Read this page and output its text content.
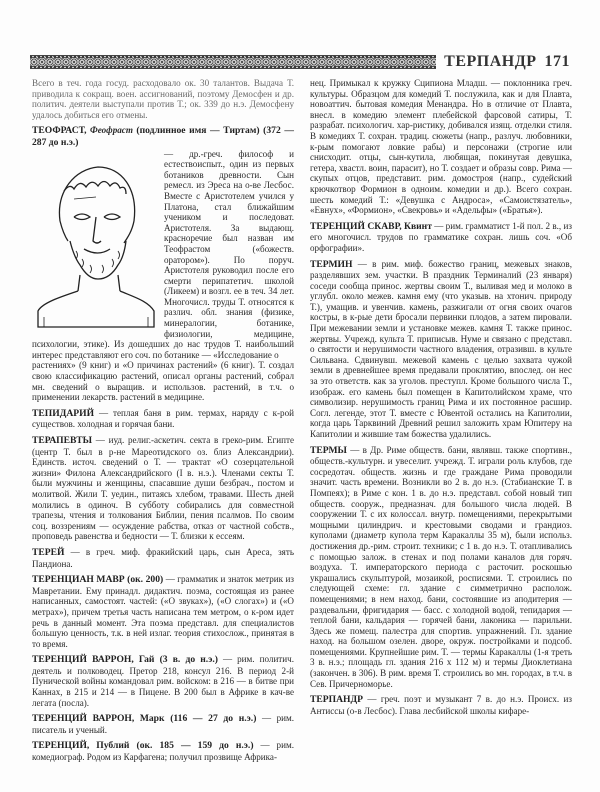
ТЕРПАНДР 171

Всего в теч. года госуд. расходовало ок. 30 талантов. Выдача Т. приводила к сокращ. воен. ассигнований, поэтому Демосфен и др. политич. деятели выступали против Т.; ок. 339 до н.э. Демосфену удалось добиться его отмены.

ТЕОФРАСТ, Феофраст (подлинное имя — Тиртам) (372 — 287 до н.э.)

— др.-греч. философ и естествоиспыт., один из первых ботаников древности. Сын ремесл. из Эреса на о-ве Лесбос. Вместе с Аристотелем учился у Платона, стал ближайшим учеником и последоват. Аристотеля. За выдающ. красноречие был назван им Теофрастом («божеств. оратором»). По поруч. Аристотеля руководил после его смерти перипатетич. школой (Ликеем) и возгл. ее в теч. 34 лет. Многочисл. труды Т. относятся к различ. обл. знания (физике, минералогии, ботанике, физиологии, медицине, психологии, этике). Из дошедших до нас трудов Т. наибольший интерес представляют его соч. по ботанике — «Исследование о

растениях» (9 книг) и «О причинах растений» (6 книг). Т. создал свою классификацию растений, описал органы растений, собрал мн. сведений о выращив. и использов. растений, в т.ч. о применении лекарств. растений в медицине.

ТЕПИДАРИЙ — теплая баня в рим. термах, наряду с к-рой существов. холодная и горячая бани.

ТЕРАПЕВТЫ — иуд. религ.-аскетич. секта в греко-рим. Египте (центр Т. был в р-не Мареотидского оз. близ Александрии). Единств. источ. сведений о Т. — трактат «О созерцательной жизни» Филона Александрийского (I в. н.э.). Членами секты Т. были мужчины и женщины, спасавшие души безбрач., постом и молитвой. Жили Т. уедин., питаясь хлебом, травами. Шесть дней молились в одиноч. В субботу собирались для совместной трапезы, чтения и толкования Библии, пения псалмов. По своим соц. воззрениям — осуждение рабства, отказ от частной собств., проповедь равенства и бедности — Т. близки к ессеям.

ТЕРЕЙ — в греч. миф. фракийский царь, сын Ареса, зять Пандиона.

ТЕРЕНЦИАН МАВР (ок. 200) — грамматик и знаток метрик из Мавретании. Ему принадл. дидактич. поэма, состоящая из ранее написанных, самостоят. частей: («О звуках»), («О слогах») и («О метрах»), причем третья часть написана тем метром, о к-ром идет речь в данный момент. Эта поэма представл. для специалистов большую ценность, т.к. в ней излаг. теория стихослож., принятая в то время.

ТЕРЕНЦИЙ ВАРРОН, Гай (3 в. до н.э.) — рим. политич. деятель и полководец. Претор 218, консул 216. В период 2-й Пунической войны командовал рим. войском: в 216 — в битве при Каннах, в 215 и 214 — в Пицене. В 200 был в Африке в кач-ве легата (посла).

ТЕРЕНЦИЙ ВАРРОН, Марк (116 — 27 до н.э.) — рим. писатель и ученый.

ТЕРЕНЦИЙ, Публий (ок. 185 — 159 до н.э.) — рим. комедиограф. Родом из Карфагена; получил прозвище Африка-

нец. Примыкал к кружку Сципиона Младш. — поклонника греч. культуры. Образцом для комедий Т. послужила, как и для Плавта, новоаттич. бытовая комедия Менандра. Но в отличие от Плавта, внесл. в комедию элемент плебейской фарсовой сатиры, Т. разрабат. психологич. хар-ристику, добивался изящ. отделки стиля. В комедиях Т. сохран. традиц. сюжеты (напр., разлуч. любовники, к-рым помогают ловкие рабы) и персонажи (строгие или снисходит. отцы, сын-кутила, любящая, покинутая девушка, гетера, хвастл. воин, парасит), но Т. создает и образы совр. Рима — скупых отцов, представит. рим. домостроя (напр., судейский крючкотвор Формион в одноим. комедии и др.). Всего сохран. шесть комедий Т.: «Девушка с Андроса», «Самоистязатель», «Евнух», «Формион», «Свекровь» и «Адельфы» («Братья»).

ТЕРЕНЦИЙ СКАВР, Квинт — рим. грамматист 1-й пол. 2 в., из его многочисл. трудов по грамматике сохран. лишь соч. «Об орфографии».

ТЕРМИН — в рим. миф. божество границ, межевых знаков, разделявших зем. участки. В праздник Терминалий (23 января) соседи сообща принос. жертвы своим Т., выливая мед и молоко в углубл. около межев. камня ему (что указыв. на хтонич. природу Т.), умащив. и увенчив. камень, разжигали от огня своих очагов костры, в к-рые дети бросали первинки плодов, а затем пировали. При межевании земли и установке межев. камня Т. также принос. жертвы. Учрежд. культа Т. приписыв. Нуме и связано с представл. о святости и нерушимости частного владения, отразивш. в культе Сильвана. Сдвинувш. межевой камень с целью захвата чужой земли в древнейшее время предавали проклятию, впослед. он нес за это ответств. как за уголов. преступл. Кроме большого числа Т., изображ. его камень был помещен в Капитолийском храме, что символизир. нерушимость границ Рима и их постоянное расшир. Согл. легенде, этот Т. вместе с Ювентой остались на Капитолии, когда царь Тарквиний Древний решил заложить храм Юпитеру на Капитолии и жившие там божества удалились.

ТЕРМЫ — в Др. Риме обществ. бани, являвш. также спортивн., обществ.-культурн. и увеселит. учрежд. Т. играли роль клубов, где сосредотач. обществ. жизнь и где граждане Рима проводили значит. часть времени. Возникли во 2 в. до н.э. (Стабианские Т. в Помпеях); в Риме с кон. 1 в. до н.э. представл. собой новый тип обществ. сооруж., предназнач. для большого числа людей. В сооружении Т. с их колоссал. внутр. помещениями, перекрытыми мощными цилиндрич. и крестовыми сводами и грандиоз. куполами (диаметр купола терм Каракаллы 35 м), были использ. достижения др.-рим. строит. техники; с 1 в. до н.э. Т. отапливались с помощью залож. в стенах и под полами каналов для горяч. воздуха. Т. императорского периода с расточит. роскошью украшались скульптурой, мозаикой, росписями. Т. строились по следующей схеме: гл. здание с симметрично располож. помещениями; в нем наход. бани, состоявшие из аподитерия — раздевальни, фригидария — басс. с холодной водой, тепидария — теплой бани, кальдария — горячей бани, лаконика — парильни. Здесь же помещ. палестра для спортив. упражнений. Гл. здание наход. на большом озелен. дворе, окруж. постройками и подсоб. помещениями. Крупнейшие рим. Т. — термы Каракаллы (1-я треть 3 в. н.э.; площадь гл. здания 216 x 112 м) и термы Диоклетиана (закончен. в 306). В рим. время Т. строились во мн. городах, в т.ч. в Сев. Причерноморье.

ТЕРПАНДР — греч. поэт и музыкант 7 в. до н.э. Происх. из Антиссы (о-в Лесбос). Глава лесбийской школы кифаре-
